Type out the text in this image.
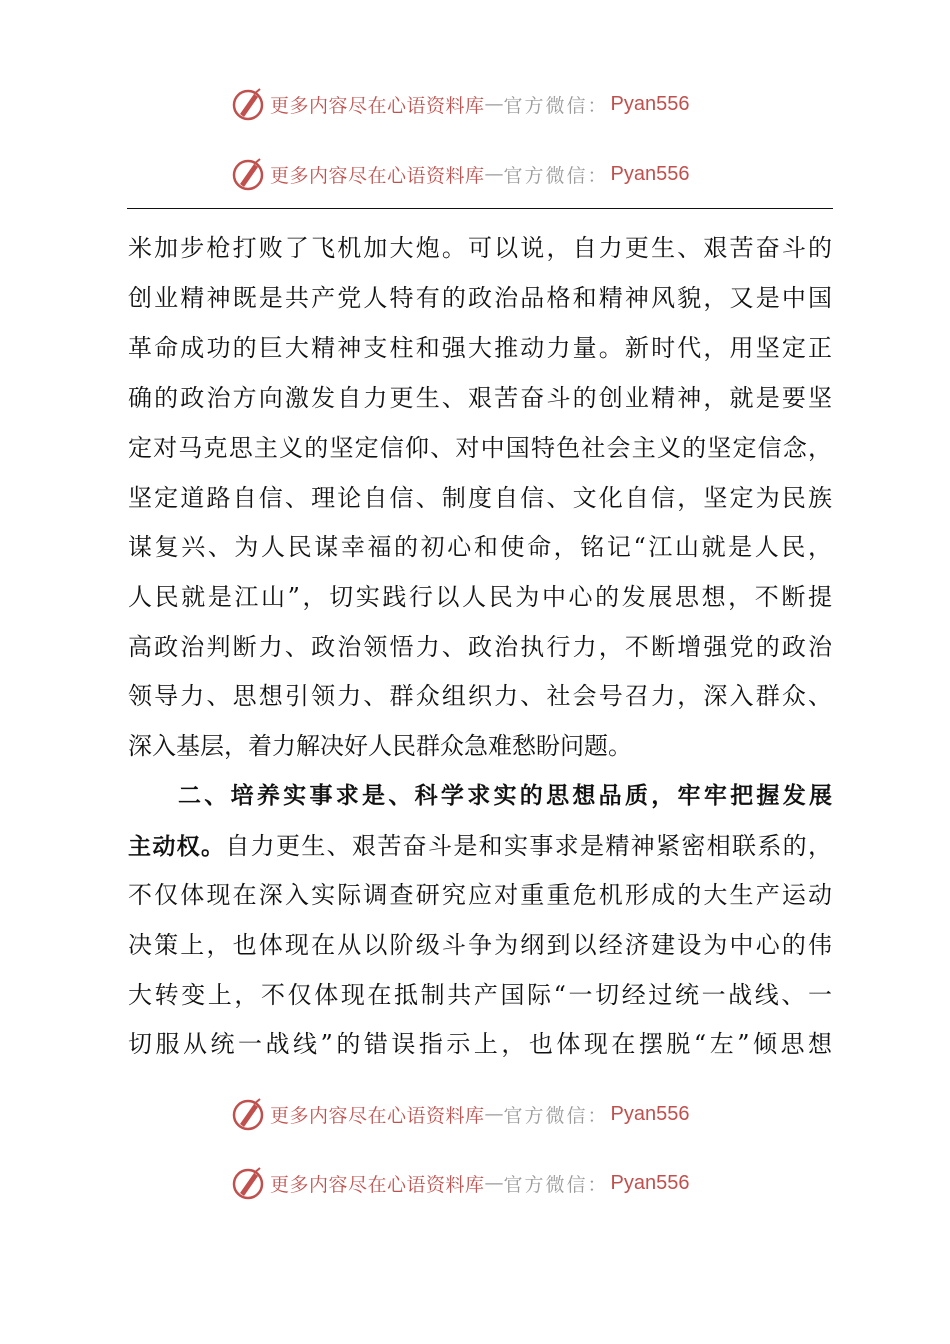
更多内容尽在心语资料库 — 官方微信： Pyan556
更多内容尽在心语资料库 — 官方微信： Pyan556
米加步枪打败了飞机加大炮。可以说，自力更生、艰苦奋斗的
创业精神既是共产党人特有的政治品格和精神风貌，又是中国
革命成功的巨大精神支柱和强大推动力量。新时代，用坚定正
确的政治方向激发自力更生、艰苦奋斗的创业精神，就是要坚
定对马克思主义的坚定信仰、对中国特色社会主义的坚定信念，
坚定道路自信、理论自信、制度自信、文化自信，坚定为民族
谋复兴、为人民谋幸福的初心和使命，铭记“江山就是人民，
人民就是江山”，切实践行以人民为中心的发展思想，不断提
高政治判断力、政治领悟力、政治执行力，不断增强党的政治
领导力、思想引领力、群众组织力、社会号召力，深入群众、
深入基层，着力解决好人民群众急难愁盼问题。
二、培养实事求是、科学求实的思想品质，牢牢把握发展
主动权。自力更生、艰苦奋斗是和实事求是精神紧密相联系的，
不仅体现在深入实际调查研究应对重重危机形成的大生产运动
决策上，也体现在从以阶级斗争为纲到以经济建设为中心的伟
大转变上，不仅体现在抵制共产国际“一切经过统一战线、一
切服从统一战线”的错误指示上，也体现在摆脱“左”倾思想
更多内容尽在心语资料库 — 官方微信： Pyan556
更多内容尽在心语资料库 — 官方微信： Pyan556
